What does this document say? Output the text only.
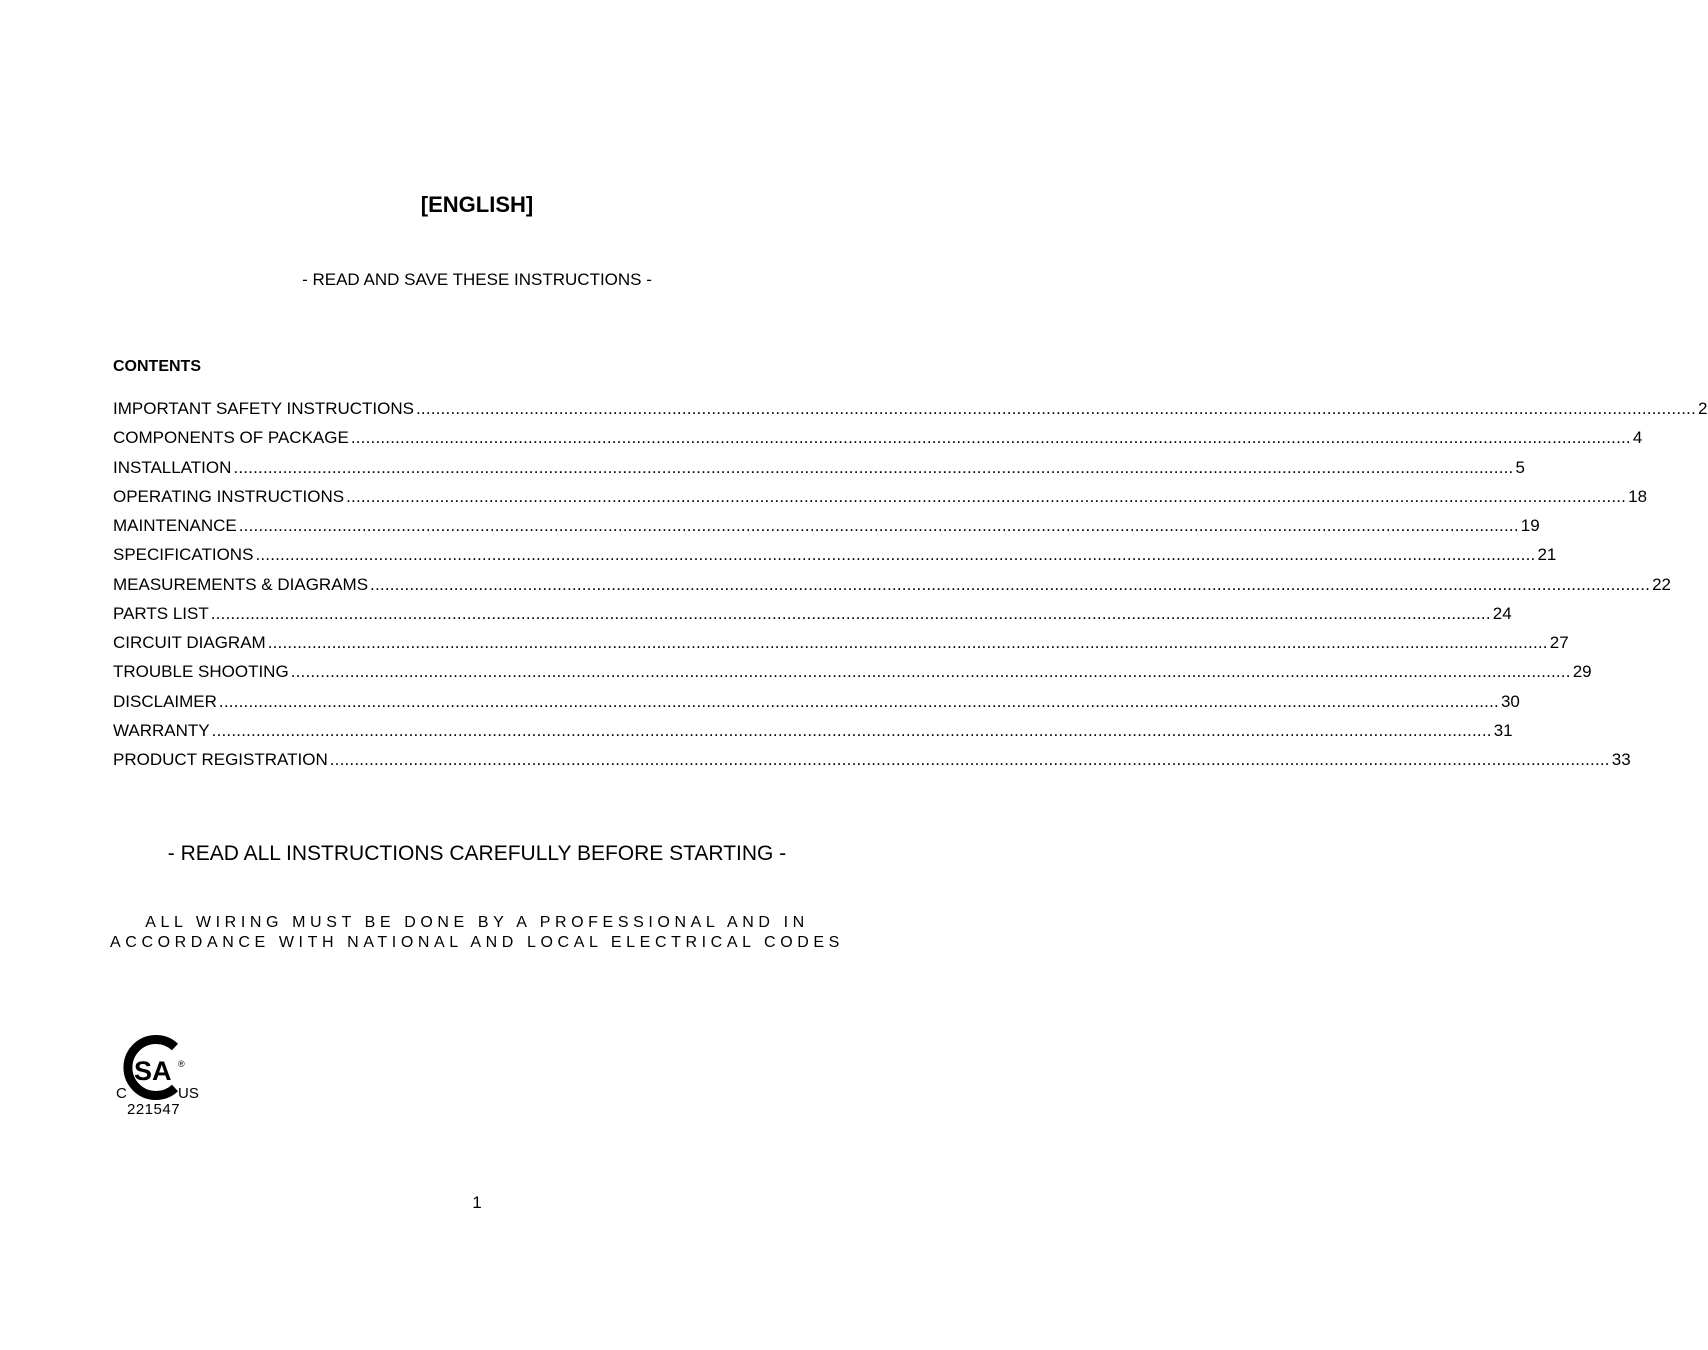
[ENGLISH]
- READ AND SAVE THESE INSTRUCTIONS -
CONTENTS
IMPORTANT SAFETY INSTRUCTIONS .................................................................................................................................................................................................................................................................... 2
COMPONENTS OF PACKAGE .................................................................................................................................................................................................................................................................... 4
INSTALLATION .................................................................................................................................................................................................................................................................... 5
OPERATING INSTRUCTIONS .................................................................................................................................................................................................................................................................... 18
MAINTENANCE .................................................................................................................................................................................................................................................................... 19
SPECIFICATIONS .................................................................................................................................................................................................................................................................... 21
MEASUREMENTS & DIAGRAMS .................................................................................................................................................................................................................................................................... 22
PARTS LIST .................................................................................................................................................................................................................................................................... 24
CIRCUIT DIAGRAM .................................................................................................................................................................................................................................................................... 27
TROUBLE SHOOTING .................................................................................................................................................................................................................................................................... 29
DISCLAIMER .................................................................................................................................................................................................................................................................... 30
WARRANTY .................................................................................................................................................................................................................................................................... 31
PRODUCT REGISTRATION .................................................................................................................................................................................................................................................................... 33
- READ ALL INSTRUCTIONS CAREFULLY BEFORE STARTING -
ALL WIRING MUST BE DONE BY A PROFESSIONAL AND IN
ACCORDANCE WITH NATIONAL AND LOCAL ELECTRICAL CODES
SA ®
C	US
221547
1
